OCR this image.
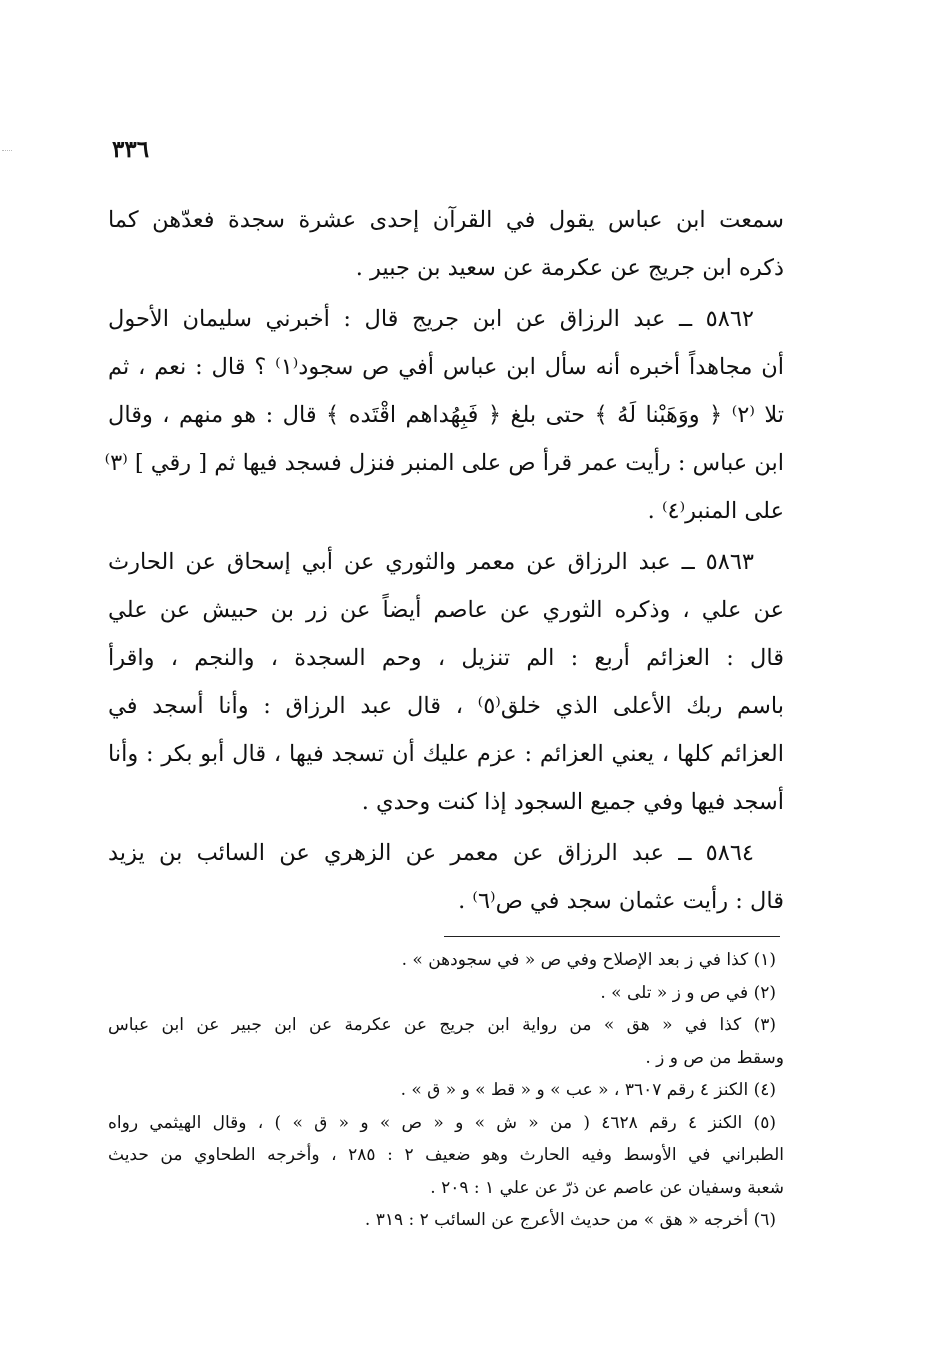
٣٣٦
سمعت ابن عباس يقول في القرآن إحدى عشرة سجدة فعدّهن كما
ذكره ابن جريج عن عكرمة عن سعيد بن جبير .
٥٨٦٢ ــ عبد الرزاق عن ابن جريج قال : أخبرني سليمان الأحول
أن مجاهداً أخبره أنه سأل ابن عباس أفي ص سجود⁽١⁾ ؟ قال : نعم ، ثم
تلا ⁽٢⁾ ﴿ ووَهَبْنا لَهُ ﴾ حتى بلغ ﴿ فَبِهُداهم اقْتَده ﴾ قال : هو منهم ، وقال
ابن عباس : رأيت عمر قرأ ص على المنبر فنزل فسجد فيها ثم [ رقي ] ⁽٣⁾
على المنبر⁽٤⁾ .
٥٨٦٣ ــ عبد الرزاق عن معمر والثوري عن أبي إسحاق عن الحارث
عن علي ، وذكره الثوري عن عاصم أيضاً عن زر بن حبيش عن علي
قال : العزائم أربع : الم تنزيل ، وحم السجدة ، والنجم ، واقرأ
باسم ربك الأعلى الذي خلق⁽٥⁾ ، قال عبد الرزاق : وأنا أسجد في
العزائم كلها ، يعني العزائم : عزم عليك أن تسجد فيها ، قال أبو بكر : وأنا
أسجد فيها وفي جميع السجود إذا كنت وحدي .
٥٨٦٤ ــ عبد الرزاق عن معمر عن الزهري عن السائب بن يزيد
قال : رأيت عثمان سجد في ص⁽٦⁾ .
(١) كذا في ز بعد الإصلاح وفي ص « في سجودهن » .
(٢) في ص و ز « تلى » .
(٣) كذا في « هق » من رواية ابن جريج عن عكرمة عن ابن جبير عن ابن عباس
وسقط من ص و ز .
(٤) الكنز ٤ رقم ٣٦٠٧ ، « عب » و « قط » و « ق » .
(٥) الكنز ٤ رقم ٤٦٢٨ ( من « ش » و « ص » و « ق » ) ، وقال الهيثمي رواه
الطبراني في الأوسط وفيه الحارث وهو ضعيف ٢ : ٢٨٥ ، وأخرجه الطحاوي من حديث
شعبة وسفيان عن عاصم عن ذرّ عن علي ١ : ٢٠٩ .
(٦) أخرجه « هق » من حديث الأعرج عن السائب ٢ : ٣١٩ .
